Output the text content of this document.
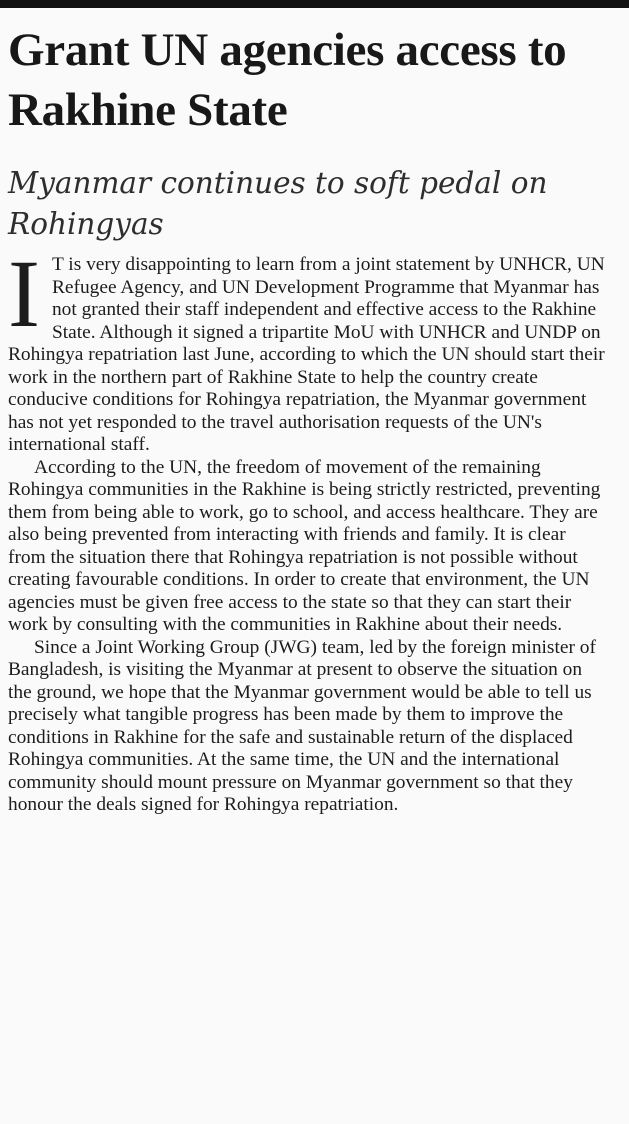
Grant UN agencies access to Rakhine State
Myanmar continues to soft pedal on Rohingyas

I T is very disappointing to learn from a joint statement by UNHCR, UN Refugee Agency, and UN Development Programme that Myanmar has not granted their staff independent and effective access to the Rakhine State. Although it signed a tripartite MoU with UNHCR and UNDP on Rohingya repatriation last June, according to which the UN should start their work in the northern part of Rakhine State to help the country create conducive conditions for Rohingya repatriation, the Myanmar government has not yet responded to the travel authorisation requests of the UN's international staff.

According to the UN, the freedom of movement of the remaining Rohingya communities in the Rakhine is being strictly restricted, preventing them from being able to work, go to school, and access healthcare. They are also being prevented from interacting with friends and family. It is clear from the situation there that Rohingya repatriation is not possible without creating favourable conditions. In order to create that environment, the UN agencies must be given free access to the state so that they can start their work by consulting with the communities in Rakhine about their needs.

Since a Joint Working Group (JWG) team, led by the foreign minister of Bangladesh, is visiting the Myanmar at present to observe the situation on the ground, we hope that the Myanmar government would be able to tell us precisely what tangible progress has been made by them to improve the conditions in Rakhine for the safe and sustainable return of the displaced Rohingya communities. At the same time, the UN and the international community should mount pressure on Myanmar government so that they honour the deals signed for Rohingya repatriation.
